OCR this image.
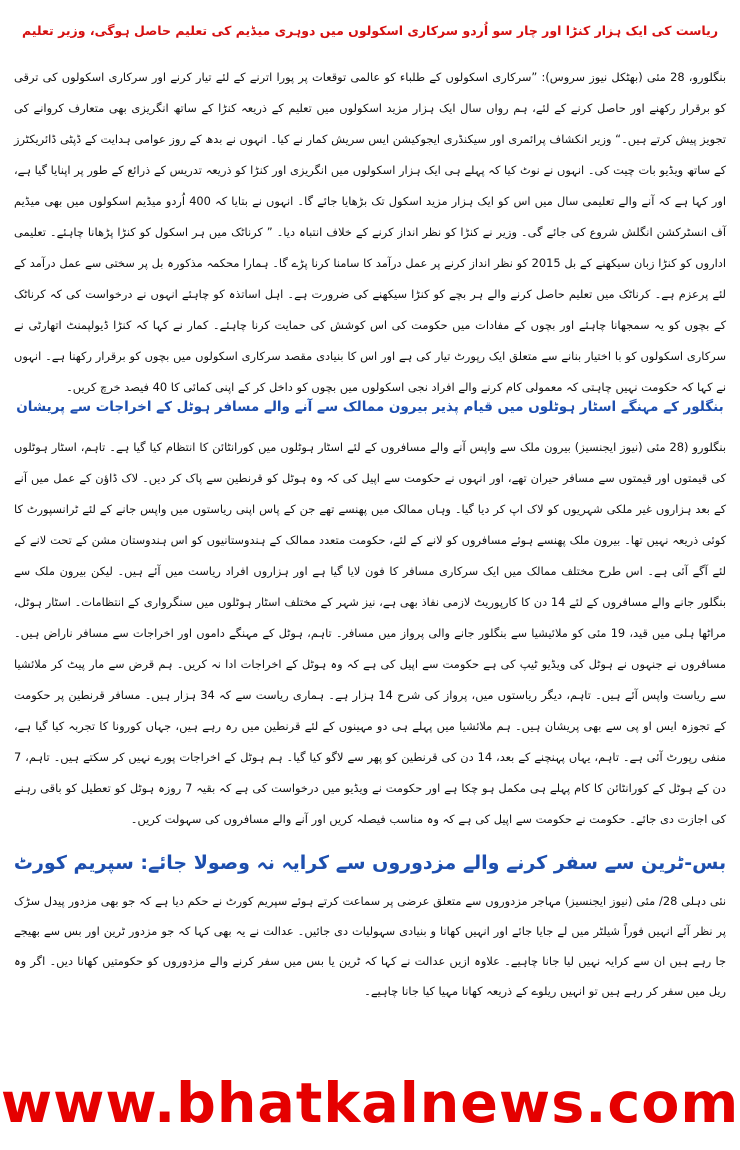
ریاست کی ایک ہزار کنڑا اور چار سو اُردو سرکاری اسکولوں میں دوہری میڈیم کی تعلیم حاصل ہوگی، وزیر تعلیم

بنگلورو، 28 مئی (بھٹکل نیوز سروس): ”سرکاری اسکولوں کے طلباء کو عالمی توقعات پر پورا اترنے کے لئے تیار کرنے اور سرکاری اسکولوں کی ترقی کو برقرار رکھنے اور حاصل کرنے کے لئے، ہم رواں سال ایک ہزار مزید اسکولوں میں تعلیم کے ذریعہ کنڑا کے ساتھ انگریزی بھی متعارف کروانے کی تجویز پیش کرتے ہیں۔“ وزیر انکشاف پرائمری اور سیکنڈری ایجوکیشن ایس سریش کمار نے کیا۔ انہوں نے بدھ کے روز عوامی ہدایت کے ڈپٹی ڈائریکٹرز کے ساتھ ویڈیو بات چیت کی۔ انہوں نے نوٹ کیا کہ پہلے ہی ایک ہزار اسکولوں میں انگریزی اور کنڑا کو ذریعہ تدریس کے ذرائع کے طور پر اپنایا گیا ہے، اور کہا ہے کہ آنے والے تعلیمی سال میں اس کو ایک ہزار مزید اسکول تک بڑھایا جائے گا۔ انہوں نے بتایا کہ 400 اُردو میڈیم اسکولوں میں بھی میڈیم آف انسٹرکشن انگلش شروع کی جائے گی۔ وزیر نے کنڑا کو نظر انداز کرنے کے خلاف انتباہ دیا۔ ” کرناٹک میں ہر اسکول کو کنڑا پڑھانا چاہئے۔ تعلیمی اداروں کو کنڑا زبان سیکھنے کے بل 2015 کو نظر انداز کرنے پر عمل درآمد کا سامنا کرنا پڑے گا۔ ہمارا محکمہ مذکورہ بل پر سختی سے عمل درآمد کے لئے پرعزم ہے۔ کرناٹک میں تعلیم حاصل کرنے والے ہر بچے کو کنڑا سیکھنے کی ضرورت ہے۔ اہل اساتذہ کو چاہئے انہوں نے درخواست کی کہ کرناٹک کے بچوں کو یہ سمجھانا چاہئے اور بچوں کے مفادات میں حکومت کی اس کوشش کی حمایت کرنا چاہئے۔ کمار نے کہا کہ کنڑا ڈیولپمنٹ اتھارٹی نے سرکاری اسکولوں کو با اختیار بنانے سے متعلق ایک رپورٹ تیار کی ہے اور اس کا بنیادی مقصد سرکاری اسکولوں میں بچوں کو برقرار رکھنا ہے۔ انہوں نے کہا کہ حکومت نہیں چاہتی کہ معمولی کام کرنے والے افراد نجی اسکولوں میں بچوں کو داخل کر کے اپنی کمائی کا 40 فیصد خرچ کریں۔

بنگلور کے مہنگے اسٹار ہوٹلوں میں قیام پذیر بیرون ممالک سے آنے والے مسافر ہوٹل کے اخراجات سے پریشان

بنگلورو (28 مئی (نیوز ایجنسیز) بیرون ملک سے واپس آنے والے مسافروں کے لئے اسٹار ہوٹلوں میں کورانٹائن کا انتظام کیا گیا ہے۔ تاہم، اسٹار ہوٹلوں کی قیمتوں اور قیمتوں سے مسافر حیران تھے، اور انہوں نے حکومت سے اپیل کی کہ وہ ہوٹل کو قرنطین سے پاک کر دیں۔ لاک ڈاؤن کے عمل میں آنے کے بعد ہزاروں غیر ملکی شہریوں کو لاک اپ کر دیا گیا۔ وہاں ممالک میں پھنسے تھے جن کے پاس اپنی ریاستوں میں واپس جانے کے لئے ٹرانسپورٹ کا کوئی ذریعہ نہیں تھا۔ بیرون ملک پھنسے ہوئے مسافروں کو لانے کے لئے، حکومت متعدد ممالک کے ہندوستانیوں کو اس ہندوستان مشن کے تحت لانے کے لئے آگے آئی ہے۔ اس طرح مختلف ممالک میں ایک سرکاری مسافر کا فون لایا گیا ہے اور ہزاروں افراد ریاست میں آئے ہیں۔ لیکن بیرون ملک سے بنگلور جانے والے مسافروں کے لئے 14 دن کا کارپوریٹ لازمی نفاذ بھی ہے، نیز شہر کے مختلف اسٹار ہوٹلوں میں سنگرواری کے انتظامات۔ اسٹار ہوٹل، مراٹھا ہلی میں قید، 19 مئی کو ملائیشیا سے بنگلور جانے والی پرواز میں مسافر۔ تاہم، ہوٹل کے مہنگے داموں اور اخراجات سے مسافر ناراض ہیں۔ مسافروں نے جنہوں نے ہوٹل کی ویڈیو ٹیپ کی ہے حکومت سے اپیل کی ہے کہ وہ ہوٹل کے اخراجات ادا نہ کریں۔ ہم قرض سے مار پیٹ کر ملائشیا سے ریاست واپس آئے ہیں۔ تاہم، دیگر ریاستوں میں، پرواز کی شرح 14 ہزار ہے۔ ہماری ریاست سے کہ 34 ہزار ہیں۔ مسافر قرنطین پر حکومت کے تجوزہ ایس او پی سے بھی پریشان ہیں۔ ہم ملائشیا میں پہلے ہی دو مہینوں کے لئے قرنطین میں رہ رہے ہیں، جہاں کورونا کا تجربہ کیا گیا ہے، منفی رپورٹ آئی ہے۔ تاہم، یہاں پہنچنے کے بعد، 14 دن کی قرنطین کو پھر سے لاگو کیا گیا۔ ہم ہوٹل کے اخراجات پورے نہیں کر سکتے ہیں۔ تاہم، 7 دن کے ہوٹل کے کورانٹائن کا کام پہلے ہی مکمل ہو چکا ہے اور حکومت نے ویڈیو میں درخواست کی ہے کہ بقیہ 7 روزہ ہوٹل کو تعطیل کو باقی رہنے کی اجازت دی جائے۔ حکومت نے حکومت سے اپیل کی ہے کہ وہ مناسب فیصلہ کریں اور آنے والے مسافروں کی سہولت کریں۔

بس-ٹرین سے سفر کرنے والے مزدوروں سے کرایہ نہ وصولا جائے: سپریم کورٹ

نئی دہلی 28/ مئی (نیوز ایجنسیز) مہاجر مزدوروں سے متعلق عرضی پر سماعت کرتے ہوئے سپریم کورٹ نے حکم دیا ہے کہ جو بھی مزدور پیدل سڑک پر نظر آئے انہیں فوراً شیلٹر میں لے جایا جائے اور انہیں کھانا و بنیادی سہولیات دی جائیں۔ عدالت نے یہ بھی کہا کہ جو مزدور ٹرین اور بس سے بھیجے جا رہے ہیں ان سے کرایہ نہیں لیا جانا چاہیے۔ علاوہ ازیں عدالت نے کہا کہ ٹرین یا بس میں سفر کرنے والے مزدوروں کو حکومتیں کھانا دیں۔ اگر وہ ریل میں سفر کر رہے ہیں تو انہیں ریلوے کے ذریعہ کھانا مہیا کیا جانا چاہیے۔

www.bhatkalnews.com
